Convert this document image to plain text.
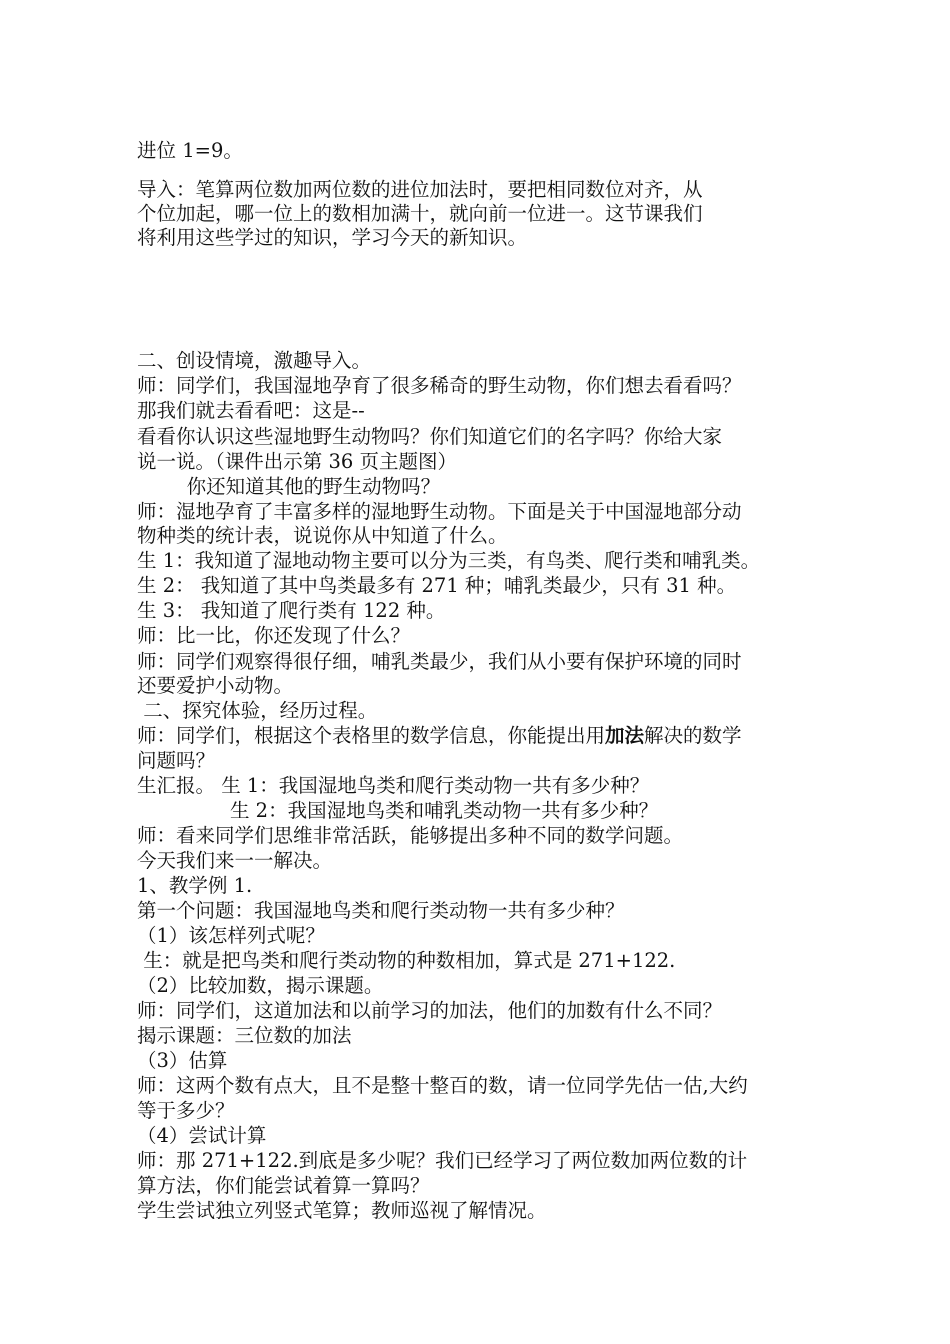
进位 1=9。
导入：笔算两位数加两位数的进位加法时，要把相同数位对齐，从
个位加起，哪一位上的数相加满十，就向前一位进一。这节课我们
将利用这些学过的知识，学习今天的新知识。
二、创设情境，激趣导入。
师：同学们，我国湿地孕育了很多稀奇的野生动物，你们想去看看吗？
那我们就去看看吧：这是--
看看你认识这些湿地野生动物吗？你们知道它们的名字吗？你给大家
说一说。（课件出示第 36 页主题图）
你还知道其他的野生动物吗？
师：湿地孕育了丰富多样的湿地野生动物。下面是关于中国湿地部分动
物种类的统计表，说说你从中知道了什么。
生 1：我知道了湿地动物主要可以分为三类，有鸟类、爬行类和哺乳类。
生 2： 我知道了其中鸟类最多有 271 种；哺乳类最少，只有 31 种。
生 3： 我知道了爬行类有 122 种。
师：比一比，你还发现了什么？
师：同学们观察得很仔细，哺乳类最少，我们从小要有保护环境的同时
还要爱护小动物。
二、探究体验，经历过程。
师：同学们，根据这个表格里的数学信息，你能提出用加法解决的数学
问题吗？
生汇报。 生 1：我国湿地鸟类和爬行类动物一共有多少种？
生 2：我国湿地鸟类和哺乳类动物一共有多少种？
师：看来同学们思维非常活跃，能够提出多种不同的数学问题。
今天我们来一一解决。
1、教学例 1.
第一个问题：我国湿地鸟类和爬行类动物一共有多少种？
（1）该怎样列式呢？
生：就是把鸟类和爬行类动物的种数相加，算式是 271+122.
（2）比较加数，揭示课题。
师：同学们，这道加法和以前学习的加法，他们的加数有什么不同？
揭示课题：三位数的加法
（3）估算
师：这两个数有点大，且不是整十整百的数，请一位同学先估一估,大约
等于多少？
（4）尝试计算
师：那 271+122.到底是多少呢？我们已经学习了两位数加两位数的计
算方法，你们能尝试着算一算吗？
学生尝试独立列竖式笔算；教师巡视了解情况。
